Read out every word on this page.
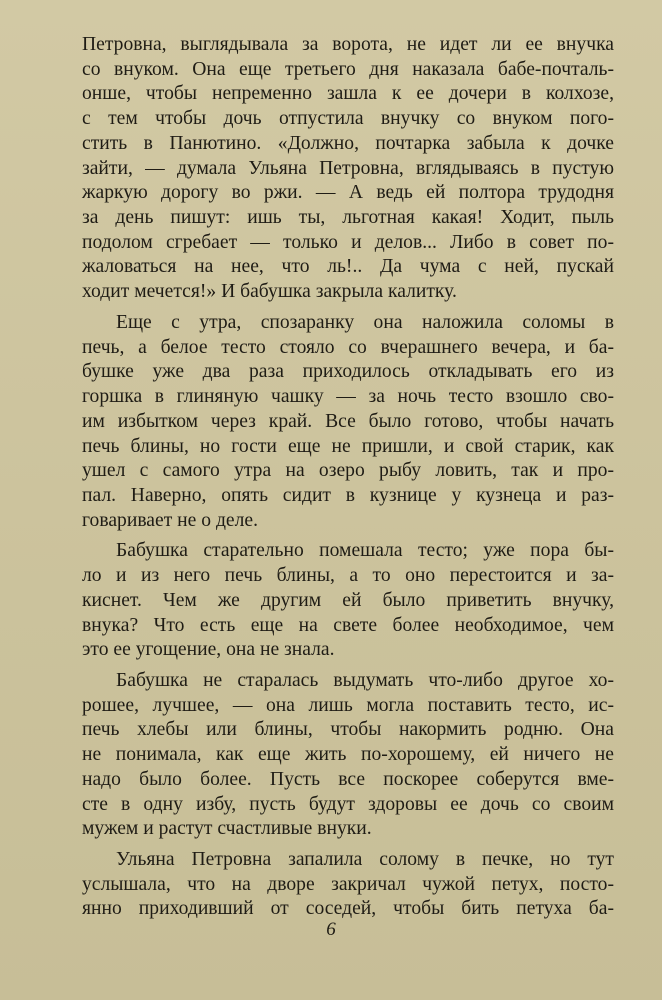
Петровна, выглядывала за ворота, не идет ли ее внучка
со внуком. Она еще третьего дня наказала бабе-почталь-
онше, чтобы непременно зашла к ее дочери в колхозе,
с тем чтобы дочь отпустила внучку со внуком пого-
стить в Панютино. «Должно, почтарка забыла к дочке
зайти, — думала Ульяна Петровна, вглядываясь в пустую
жаркую дорогу во ржи. — А ведь ей полтора трудодня
за день пишут: ишь ты, льготная какая! Ходит, пыль
подолом сгребает — только и делов... Либо в совет по-
жаловаться на нее, что ль!.. Да чума с ней, пускай
ходит мечется!» И бабушка закрыла калитку.
Еще с утра, спозаранку она наложила соломы в
печь, а белое тесто стояло со вчерашнего вечера, и ба-
бушке уже два раза приходилось откладывать его из
горшка в глиняную чашку — за ночь тесто взошло сво-
им избытком через край. Все было готово, чтобы начать
печь блины, но гости еще не пришли, и свой старик, как
ушел с самого утра на озеро рыбу ловить, так и про-
пал. Наверно, опять сидит в кузнице у кузнеца и раз-
говаривает не о деле.
Бабушка старательно помешала тесто; уже пора бы-
ло и из него печь блины, а то оно перестоится и за-
киснет. Чем же другим ей было приветить внучку,
внука? Что есть еще на свете более необходимое, чем
это ее угощение, она не знала.
Бабушка не старалась выдумать что-либо другое хо-
рошее, лучшее, — она лишь могла поставить тесто, ис-
печь хлебы или блины, чтобы накормить родню. Она
не понимала, как еще жить по-хорошему, ей ничего не
надо было более. Пусть все поскорее соберутся вме-
сте в одну избу, пусть будут здоровы ее дочь со своим
мужем и растут счастливые внуки.
Ульяна Петровна запалила солому в печке, но тут
услышала, что на дворе закричал чужой петух, посто-
янно приходивший от соседей, чтобы бить петуха ба-
6
